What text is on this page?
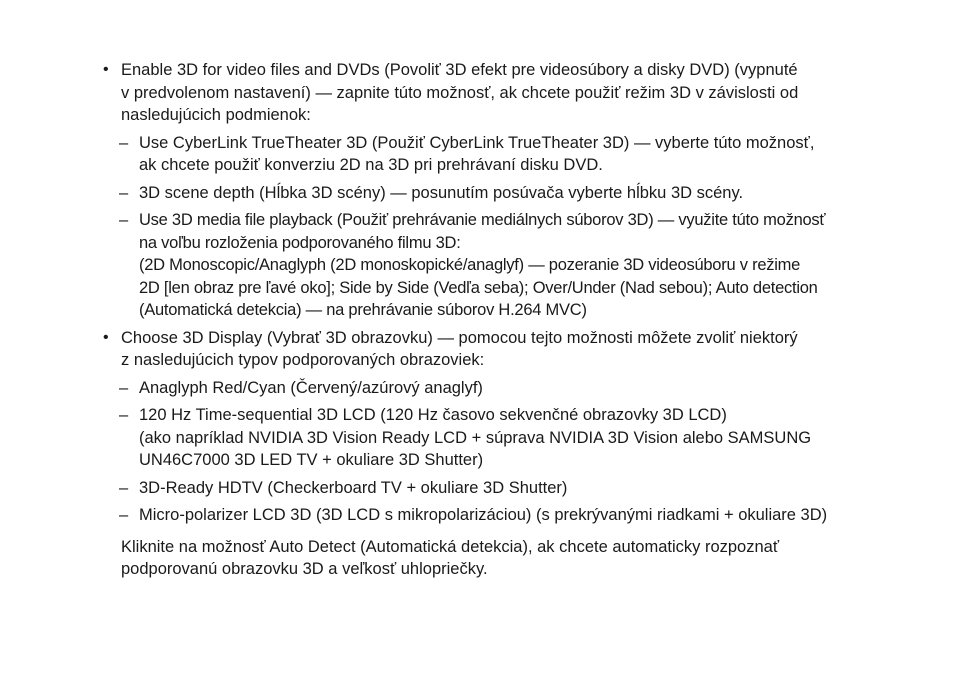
• Enable 3D for video files and DVDs (Povoliť 3D efekt pre videosúbory a disky DVD) (vypnuté
v predvolenom nastavení) — zapnite túto možnosť, ak chcete použiť režim 3D v závislosti od
nasledujúcich podmienok:
– Use CyberLink TrueTheater 3D (Použiť CyberLink TrueTheater 3D) — vyberte túto možnosť,
ak chcete použiť konverziu 2D na 3D pri prehrávaní disku DVD.
– 3D scene depth (Hĺbka 3D scény) — posunutím posúvača vyberte hĺbku 3D scény.
– Use 3D media file playback (Použiť prehrávanie mediálnych súborov 3D) — využite túto možnosť
na voľbu rozloženia podporovaného filmu 3D:
(2D Monoscopic/Anaglyph (2D monoskopické/anaglyf) — pozeranie 3D videosúboru v režime
2D [len obraz pre ľavé oko]; Side by Side (Vedľa seba); Over/Under (Nad sebou); Auto detection
(Automatická detekcia) — na prehrávanie súborov H.264 MVC)
• Choose 3D Display (Vybrať 3D obrazovku) — pomocou tejto možnosti môžete zvoliť niektorý
z nasledujúcich typov podporovaných obrazoviek:
– Anaglyph Red/Cyan (Červený/azúrový anaglyf)
– 120 Hz Time-sequential 3D LCD (120 Hz časovo sekvenčné obrazovky 3D LCD)
(ako napríklad NVIDIA 3D Vision Ready LCD + súprava NVIDIA 3D Vision alebo SAMSUNG
UN46C7000 3D LED TV + okuliare 3D Shutter)
– 3D-Ready HDTV (Checkerboard TV + okuliare 3D Shutter)
– Micro-polarizer LCD 3D (3D LCD s mikropolarizáciou) (s prekrývanými riadkami + okuliare 3D)
Kliknite na možnosť Auto Detect (Automatická detekcia), ak chcete automaticky rozpoznať
podporovanú obrazovku 3D a veľkosť uhlopriečky.
